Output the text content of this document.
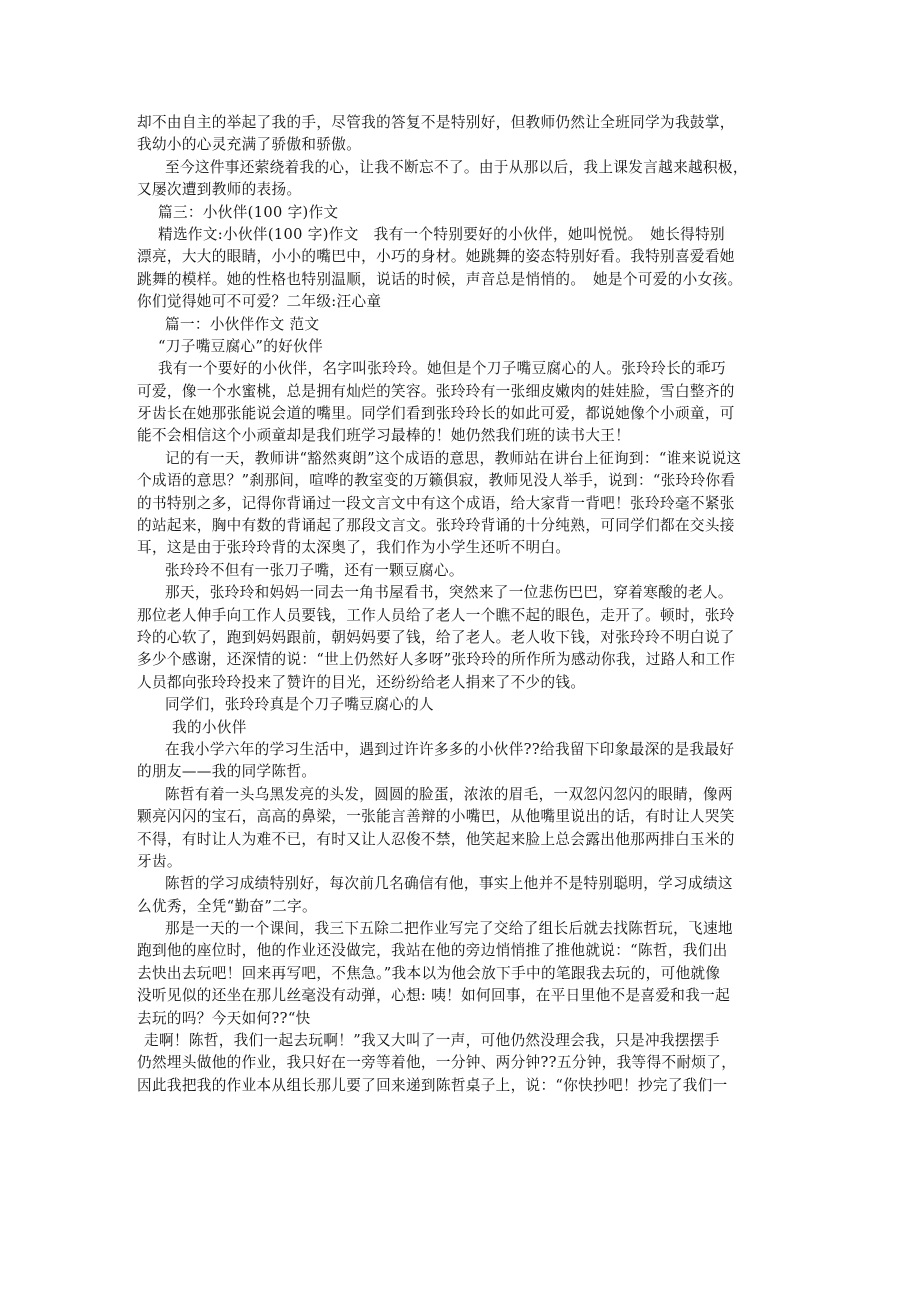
却不由自主的举起了我的手，尽管我的答复不是特别好，但教师仍然让全班同学为我鼓掌，
我幼小的心灵充满了骄傲和骄傲。
至今这件事还萦绕着我的心，让我不断忘不了。由于从那以后，我上课发言越来越积极，
又屡次遭到教师的表扬。
篇三：小伙伴(100 字)作文
精选作文:小伙伴(100 字)作文　我有一个特别要好的小伙伴，她叫悦悦。　她长得特别
漂亮，大大的眼睛，小小的嘴巴中，小巧的身材。她跳舞的姿态特别好看。我特别喜爱看她
跳舞的模样。她的性格也特别温顺，说话的时候，声音总是悄悄的。　她是个可爱的小女孩。
你们觉得她可不可爱？二年级:汪心童
篇一：小伙伴作文 范文
“刀子嘴豆腐心”的好伙伴
我有一个要好的小伙伴，名字叫张玲玲。她但是个刀子嘴豆腐心的人。张玲玲长的乖巧
可爱，像一个水蜜桃，总是拥有灿烂的笑容。张玲玲有一张细皮嫩肉的娃娃脸，雪白整齐的
牙齿长在她那张能说会道的嘴里。同学们看到张玲玲长的如此可爱，都说她像个小顽童，可
能不会相信这个小顽童却是我们班学习最棒的！她仍然我们班的读书大王！
记的有一天，教师讲“豁然爽朗”这个成语的意思，教师站在讲台上征询到：“谁来说说这
个成语的意思？”刹那间，喧哗的教室变的万籁俱寂，教师见没人举手，说到：“张玲玲你看
的书特别之多，记得你背诵过一段文言文中有这个成语，给大家背一背吧！张玲玲毫不紧张
的站起来，胸中有数的背诵起了那段文言文。张玲玲背诵的十分纯熟，可同学们都在交头接
耳，这是由于张玲玲背的太深奥了，我们作为小学生还听不明白。
张玲玲不但有一张刀子嘴，还有一颗豆腐心。
那天，张玲玲和妈妈一同去一角书屋看书，突然来了一位悲伤巴巴，穿着寒酸的老人。
那位老人伸手向工作人员要钱，工作人员给了老人一个瞧不起的眼色，走开了。顿时，张玲
玲的心软了，跑到妈妈跟前，朝妈妈要了钱，给了老人。老人收下钱，对张玲玲不明白说了
多少个感谢，还深情的说：“世上仍然好人多呀”张玲玲的所作所为感动你我，过路人和工作
人员都向张玲玲投来了赞许的目光，还纷纷给老人捐来了不少的钱。
同学们，张玲玲真是个刀子嘴豆腐心的人
我的小伙伴
在我小学六年的学习生活中，遇到过许许多多的小伙伴??给我留下印象最深的是我最好
的朋友——我的同学陈哲。
陈哲有着一头乌黑发亮的头发，圆圆的脸蛋，浓浓的眉毛，一双忽闪忽闪的眼睛，像两
颗亮闪闪的宝石，高高的鼻梁，一张能言善辩的小嘴巴，从他嘴里说出的话，有时让人哭笑
不得，有时让人为难不已，有时又让人忍俊不禁，他笑起来脸上总会露出他那两排白玉米的
牙齿。
陈哲的学习成绩特别好，每次前几名确信有他，事实上他并不是特别聪明，学习成绩这
么优秀，全凭“勤奋”二字。
那是一天的一个课间，我三下五除二把作业写完了交给了组长后就去找陈哲玩，飞速地
跑到他的座位时，他的作业还没做完，我站在他的旁边悄悄推了推他就说：“陈哲，我们出
去快出去玩吧！回来再写吧，不焦急。”我本以为他会放下手中的笔跟我去玩的，可他就像
没听见似的还坐在那儿丝毫没有动弹，心想: 咦！如何回事，在平日里他不是喜爱和我一起
去玩的吗？今天如何??“快
走啊！陈哲，我们一起去玩啊！”我又大叫了一声，可他仍然没理会我，只是冲我摆摆手
仍然埋头做他的作业，我只好在一旁等着他，一分钟、两分钟??五分钟，我等得不耐烦了，
因此我把我的作业本从组长那儿要了回来递到陈哲桌子上，说：“你快抄吧！抄完了我们一
